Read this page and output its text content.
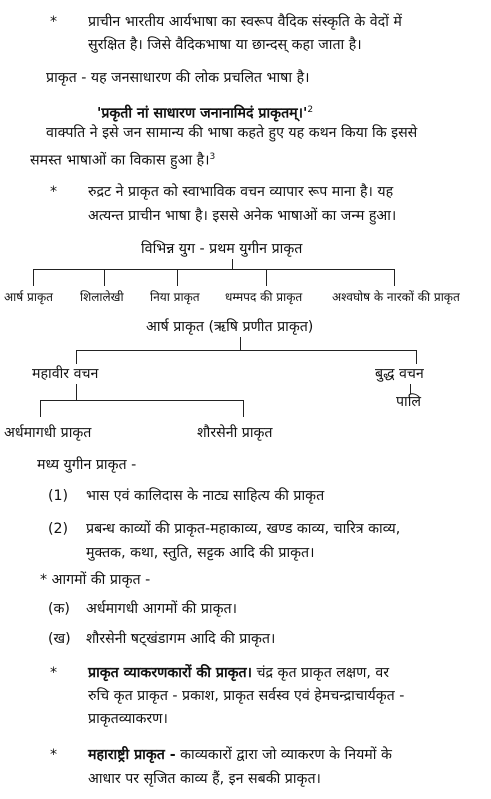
* प्राचीन भारतीय आर्यभाषा का स्वरूप वैदिक संस्कृति के वेदों में
सुरक्षित है। जिसे वैदिकभाषा या छान्दस् कहा जाता है।
प्राकृत - यह जनसाधारण की लोक प्रचलित भाषा है।
'प्रकृती नां साधारण जनानामिदं $प्राकृतम्।'^2$
वाक्पति ने इसे जन सामान्य की भाषा कहते हुए यह कथन किया कि इससे
समस्त भाषाओं का विकास हुआ है।$^3$
* रुद्रट ने प्राकृत को स्वाभाविक वचन व्यापार रूप माना है। यह
अत्यन्त प्राचीन भाषा है। इससे अनेक भाषाओं का जन्म हुआ।
विभिन्न युग - प्रथम युगीन प्राकृत
आर्ष प्राकृत शिलालेखी निया प्राकृत धम्मपद की प्राकृत अश्वघोष के नारकों की प्राकृत
आर्ष प्राकृत (ऋषि प्रणीत प्राकृत)
महावीर वचन	बुद्ध वचन
पालि
अर्धमागधी प्राकृत	शौरसेनी प्राकृत
मध्य युगीन प्राकृत -
(1) भास एवं कालिदास के नाट्य साहित्य की प्राकृत
(2) प्रबन्ध काव्यों की प्राकृत-महाकाव्य, खण्ड काव्य, चारित्र काव्य,
मुक्तक, कथा, स्तुति, सट्टक आदि की प्राकृत।
* आगमों की प्राकृत -
(क) अर्धमागधी आगमों की प्राकृत।
(ख) शौरसेनी षट्खंडागम आदि की प्राकृत।
* प्राकृत व्याकरणकारों की प्राकृत। चंद्र कृत प्राकृत लक्षण, वर
रुचि कृत प्राकृत - प्रकाश, प्राकृत सर्वस्व एवं हेमचन्द्राचार्यकृत -
प्राकृतव्याकरण।
* महाराष्ट्री प्राकृत - काव्यकारों द्वारा जो व्याकरण के नियमों के
आधार पर सृजित काव्य हैं, इन सबकी प्राकृत।
